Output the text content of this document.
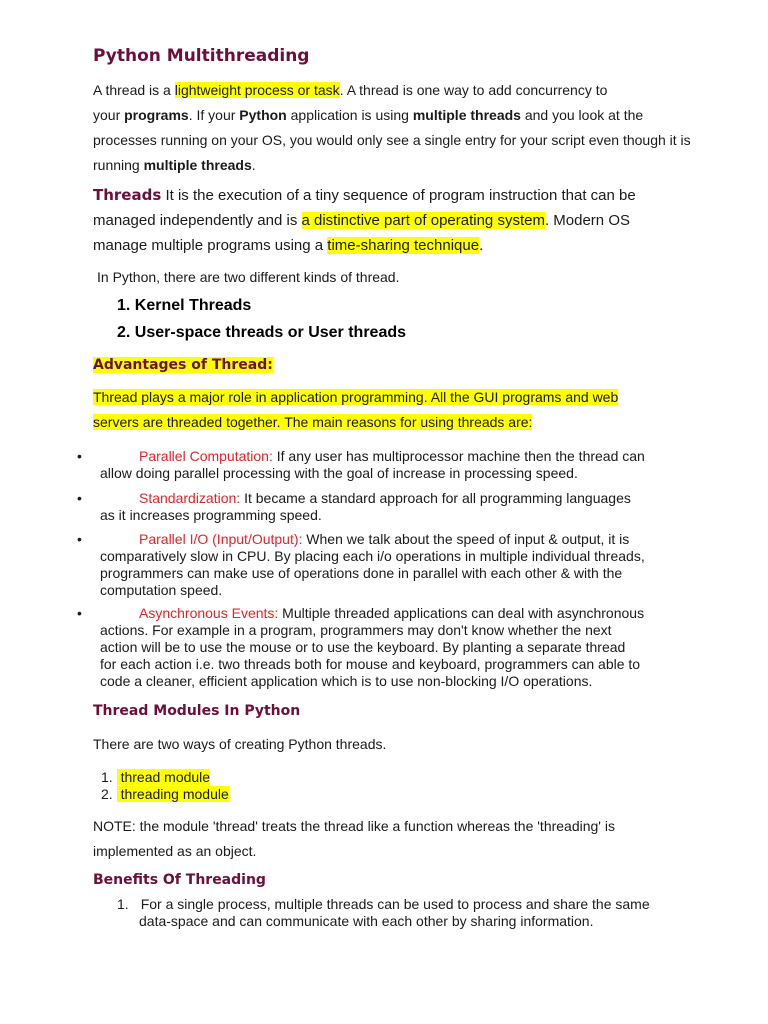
Python Multithreading

A thread is a lightweight process or task. A thread is one way to add concurrency to

your programs. If your Python application is using multiple threads and you look at the

processes running on your OS, you would only see a single entry for your script even though it is

running multiple threads.

Threads It is the execution of a tiny sequence of program instruction that can be

managed independently and is a distinctive part of operating system. Modern OS

manage multiple programs using a time-sharing technique.

In Python, there are two different kinds of thread.
1. Kernel Threads
2. User-space threads or User threads
Advantages of Thread:

Thread plays a major role in application programming. All the GUI programs and web

servers are threaded together. The main reasons for using threads are:

•	Parallel Computation: If any user has multiprocessor machine then the thread can
allow doing parallel processing with the goal of increase in processing speed.
•	Standardization: It became a standard approach for all programming languages
as it increases programming speed.
•	Parallel I/O (Input/Output): When we talk about the speed of input & output, it is
comparatively slow in CPU. By placing each i/o operations in multiple individual threads,
programmers can make use of operations done in parallel with each other & with the
computation speed.
•	Asynchronous Events: Multiple threaded applications can deal with asynchronous
actions. For example in a program, programmers may don't know whether the next
action will be to use the mouse or to use the keyboard. By planting a separate thread
for each action i.e. two threads both for mouse and keyboard, programmers can able to
code a cleaner, efficient application which is to use non-blocking I/O operations.
Thread Modules In Python
There are two ways of creating Python threads.
1. thread module
2. threading module

NOTE: the module 'thread' treats the thread like a function whereas the 'threading' is

implemented as an object.

Benefits Of Threading
1. For a single process, multiple threads can be used to process and share the same
data-space and can communicate with each other by sharing information.
